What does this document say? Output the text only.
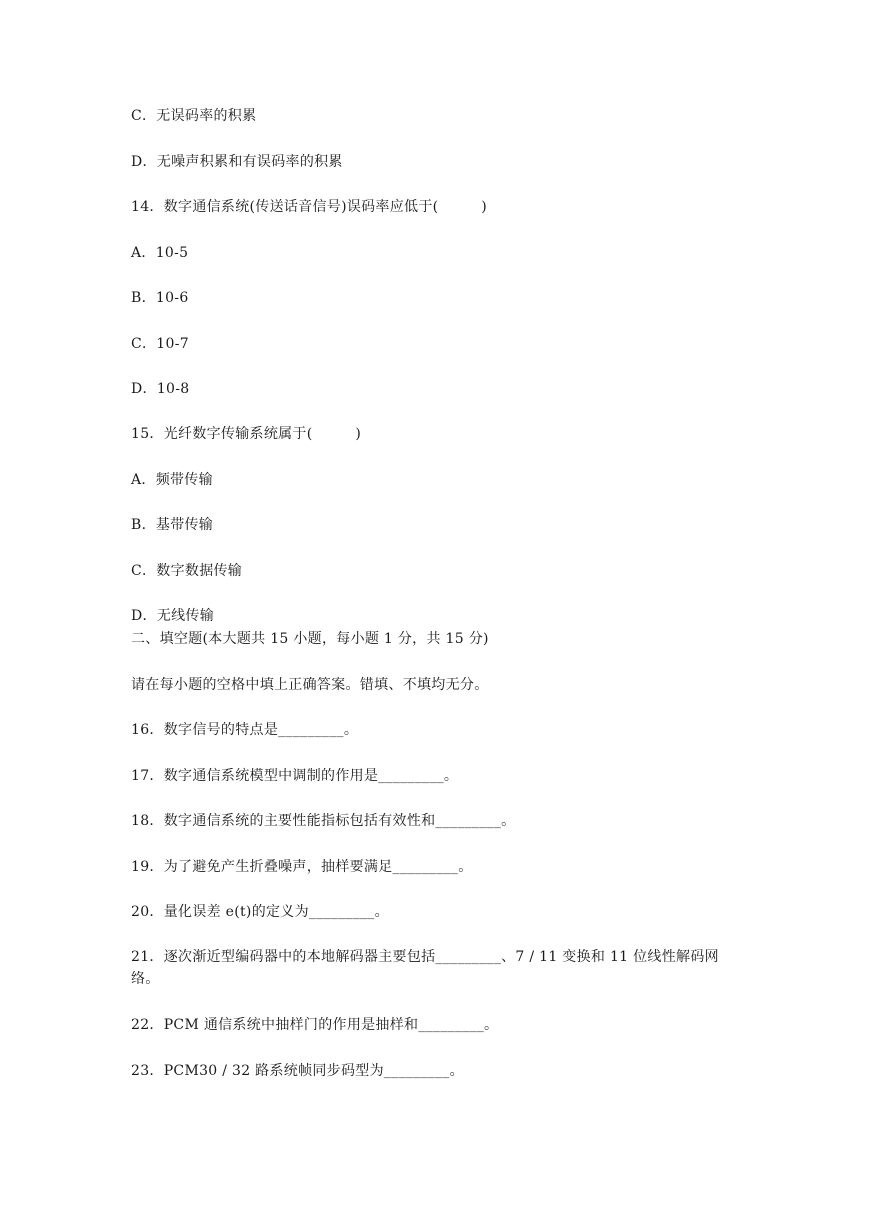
C．无误码率的积累
D．无噪声积累和有误码率的积累
14．数字通信系统(传送话音信号)误码率应低于(　　　)
A．10-5
B．10-6
C．10-7
D．10-8
15．光纤数字传输系统属于(　　　)
A．频带传输
B．基带传输
C．数字数据传输
D．无线传输
二、填空题(本大题共 15 小题，每小题 1 分，共 15 分)
请在每小题的空格中填上正确答案。错填、不填均无分。
16．数字信号的特点是_________。
17．数字通信系统模型中调制的作用是_________。
18．数字通信系统的主要性能指标包括有效性和_________。
19．为了避免产生折叠噪声，抽样要满足_________。
20．量化误差 e(t)的定义为_________。
21．逐次渐近型编码器中的本地解码器主要包括_________、7 / 11 变换和 11 位线性解码网络。
22．PCM 通信系统中抽样门的作用是抽样和_________。
23．PCM30 / 32 路系统帧同步码型为_________。
